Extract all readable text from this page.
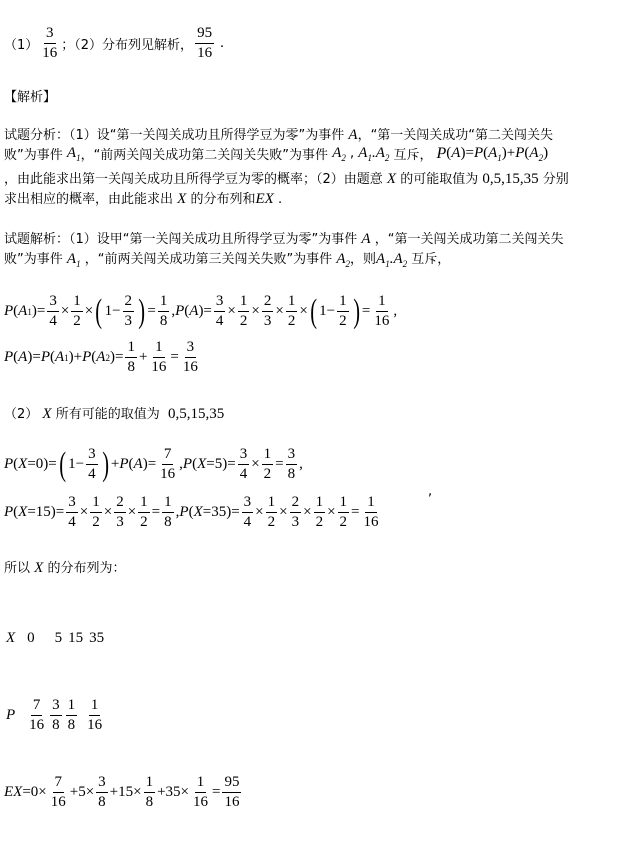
（1）
3
16 ；（2）分布列见解析，
95
16
.
【解析】
试题分析：（1）设“第一关闯关成功且所得学豆为零”为事件 A，“第一关闯关成功“第二关闯关失
败”为事件
$A_1$ ，“前两关闯关成功第二关闯关失败”为事件
$A_2$ , $A_1.A_2$
互斥， P ( A )= P ( $A_1$ )+ P ( $A_2$ )
，由此能求出第一关闯关成功且所得学豆为零的概率；（2）由题意 X 的可能取值为 0,5,15,35 分别
求出相应的概率，由此能求出 X 的分布列和EX .
试题解析：（1）设甲“第一关闯关成功且所得学豆为零”为事件 A ，“第一关闯关成功第二关闯关失
败”为事件 $A_1$ ，“前两关闯关成功第三关闯关失败”为事件 $A_2$，则$A_1.A_2$ 互斥，
P ( A 1 )=
3
4
×
1
2
× ( 1−
2
3 ) =
1
8
, P ( A )=
3
4
×
1
2
×
2
3
×
1
2
× ( 1−
1
2 ) =
1
16
,
P ( A )= P ( A 1 )+ P ( A 2 )=
1
8
+
1
16
=
3
16
（2） X 所有可能的取值为 0,5,15,35
P ( X =0)= ( 1−
3
4 ) + P ( A )=
7
16
, P ( X =5)=
3
4
×
1
2
=
3
8
,
P ( X =15)=
3
4
×
1
2
×
2
3
×
1
2
=
1
8
, P ( X =35)=
3
4
×
1
2
×
2
3
×
1
2
×
1
2
=
1
16
,
所以 X 的分布列为：
X 0 5 15 35
P
7
16
3
8
1
8
1
16
EX =0×
7
16
+5×
3
8
+15×
1
8
+35×
1
16
=
95
16
